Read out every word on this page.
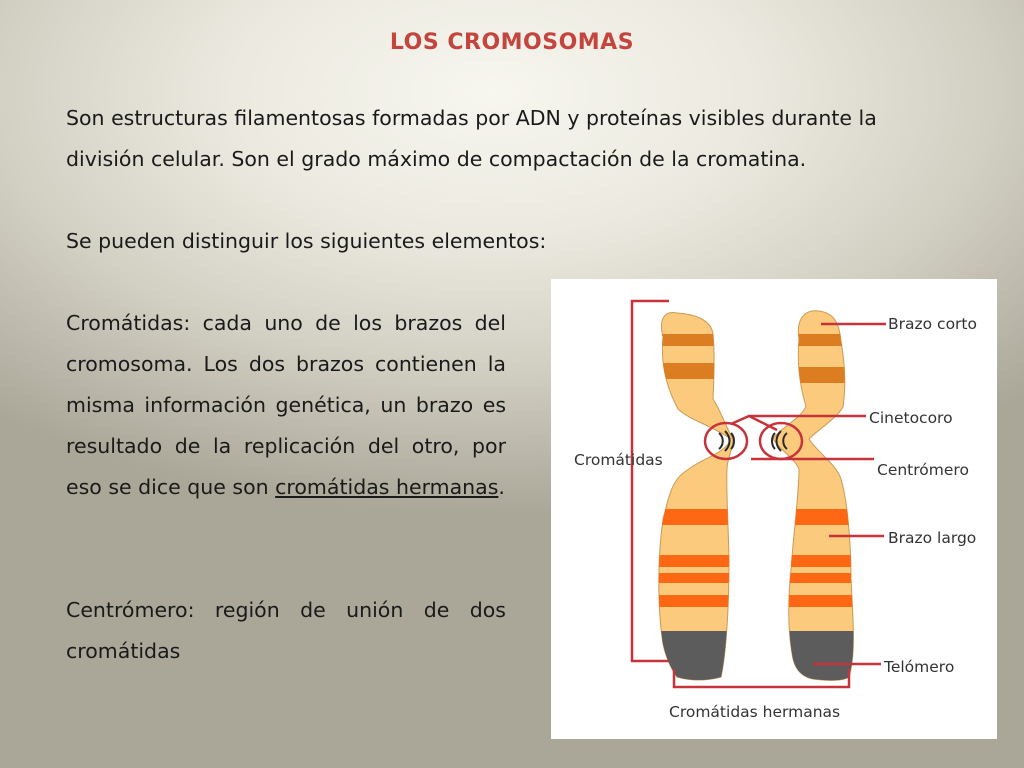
LOS CROMOSOMAS
Son estructuras filamentosas formadas por ADN y proteínas visibles durante la división celular. Son el grado máximo de compactación de la cromatina.
Se pueden distinguir los siguientes elementos:
Cromátidas: cada uno de los brazos del cromosoma. Los dos brazos contienen la misma información genética, un brazo es resultado de la replicación del otro, por eso se dice que son cromátidas hermanas.
Centrómero: región de unión de dos cromátidas
Brazo corto
Cinetocoro
Centrómero
Brazo largo
Telómero
Cromátidas
Cromátidas hermanas
